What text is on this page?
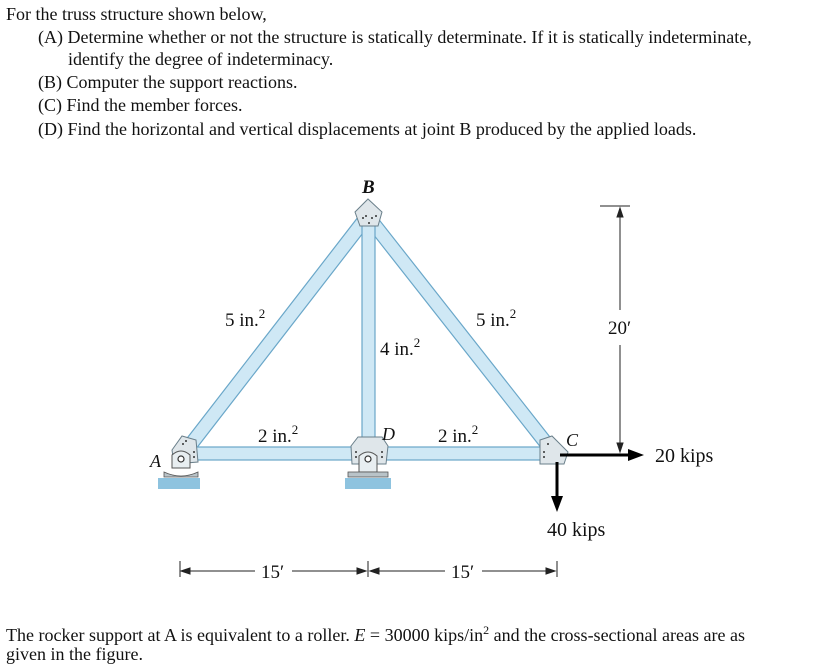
For the truss structure shown below,
(A) Determine whether or not the structure is statically determinate. If it is statically indeterminate,
identify the degree of indeterminacy.
(B) Computer the support reactions.
(C) Find the member forces.
(D) Find the horizontal and vertical displacements at joint B produced by the applied loads.
B
A
D	C
5 in.$^2$	5 in.$^2$
4 in.$^2$
2 in.$^2$	2 in.$^2$
20′
15′	15′
20 kips
40 kips
The rocker support at A is equivalent to a roller. E = 30000 kips/$in^2$ and the cross-sectional areas are as
given in the figure.
